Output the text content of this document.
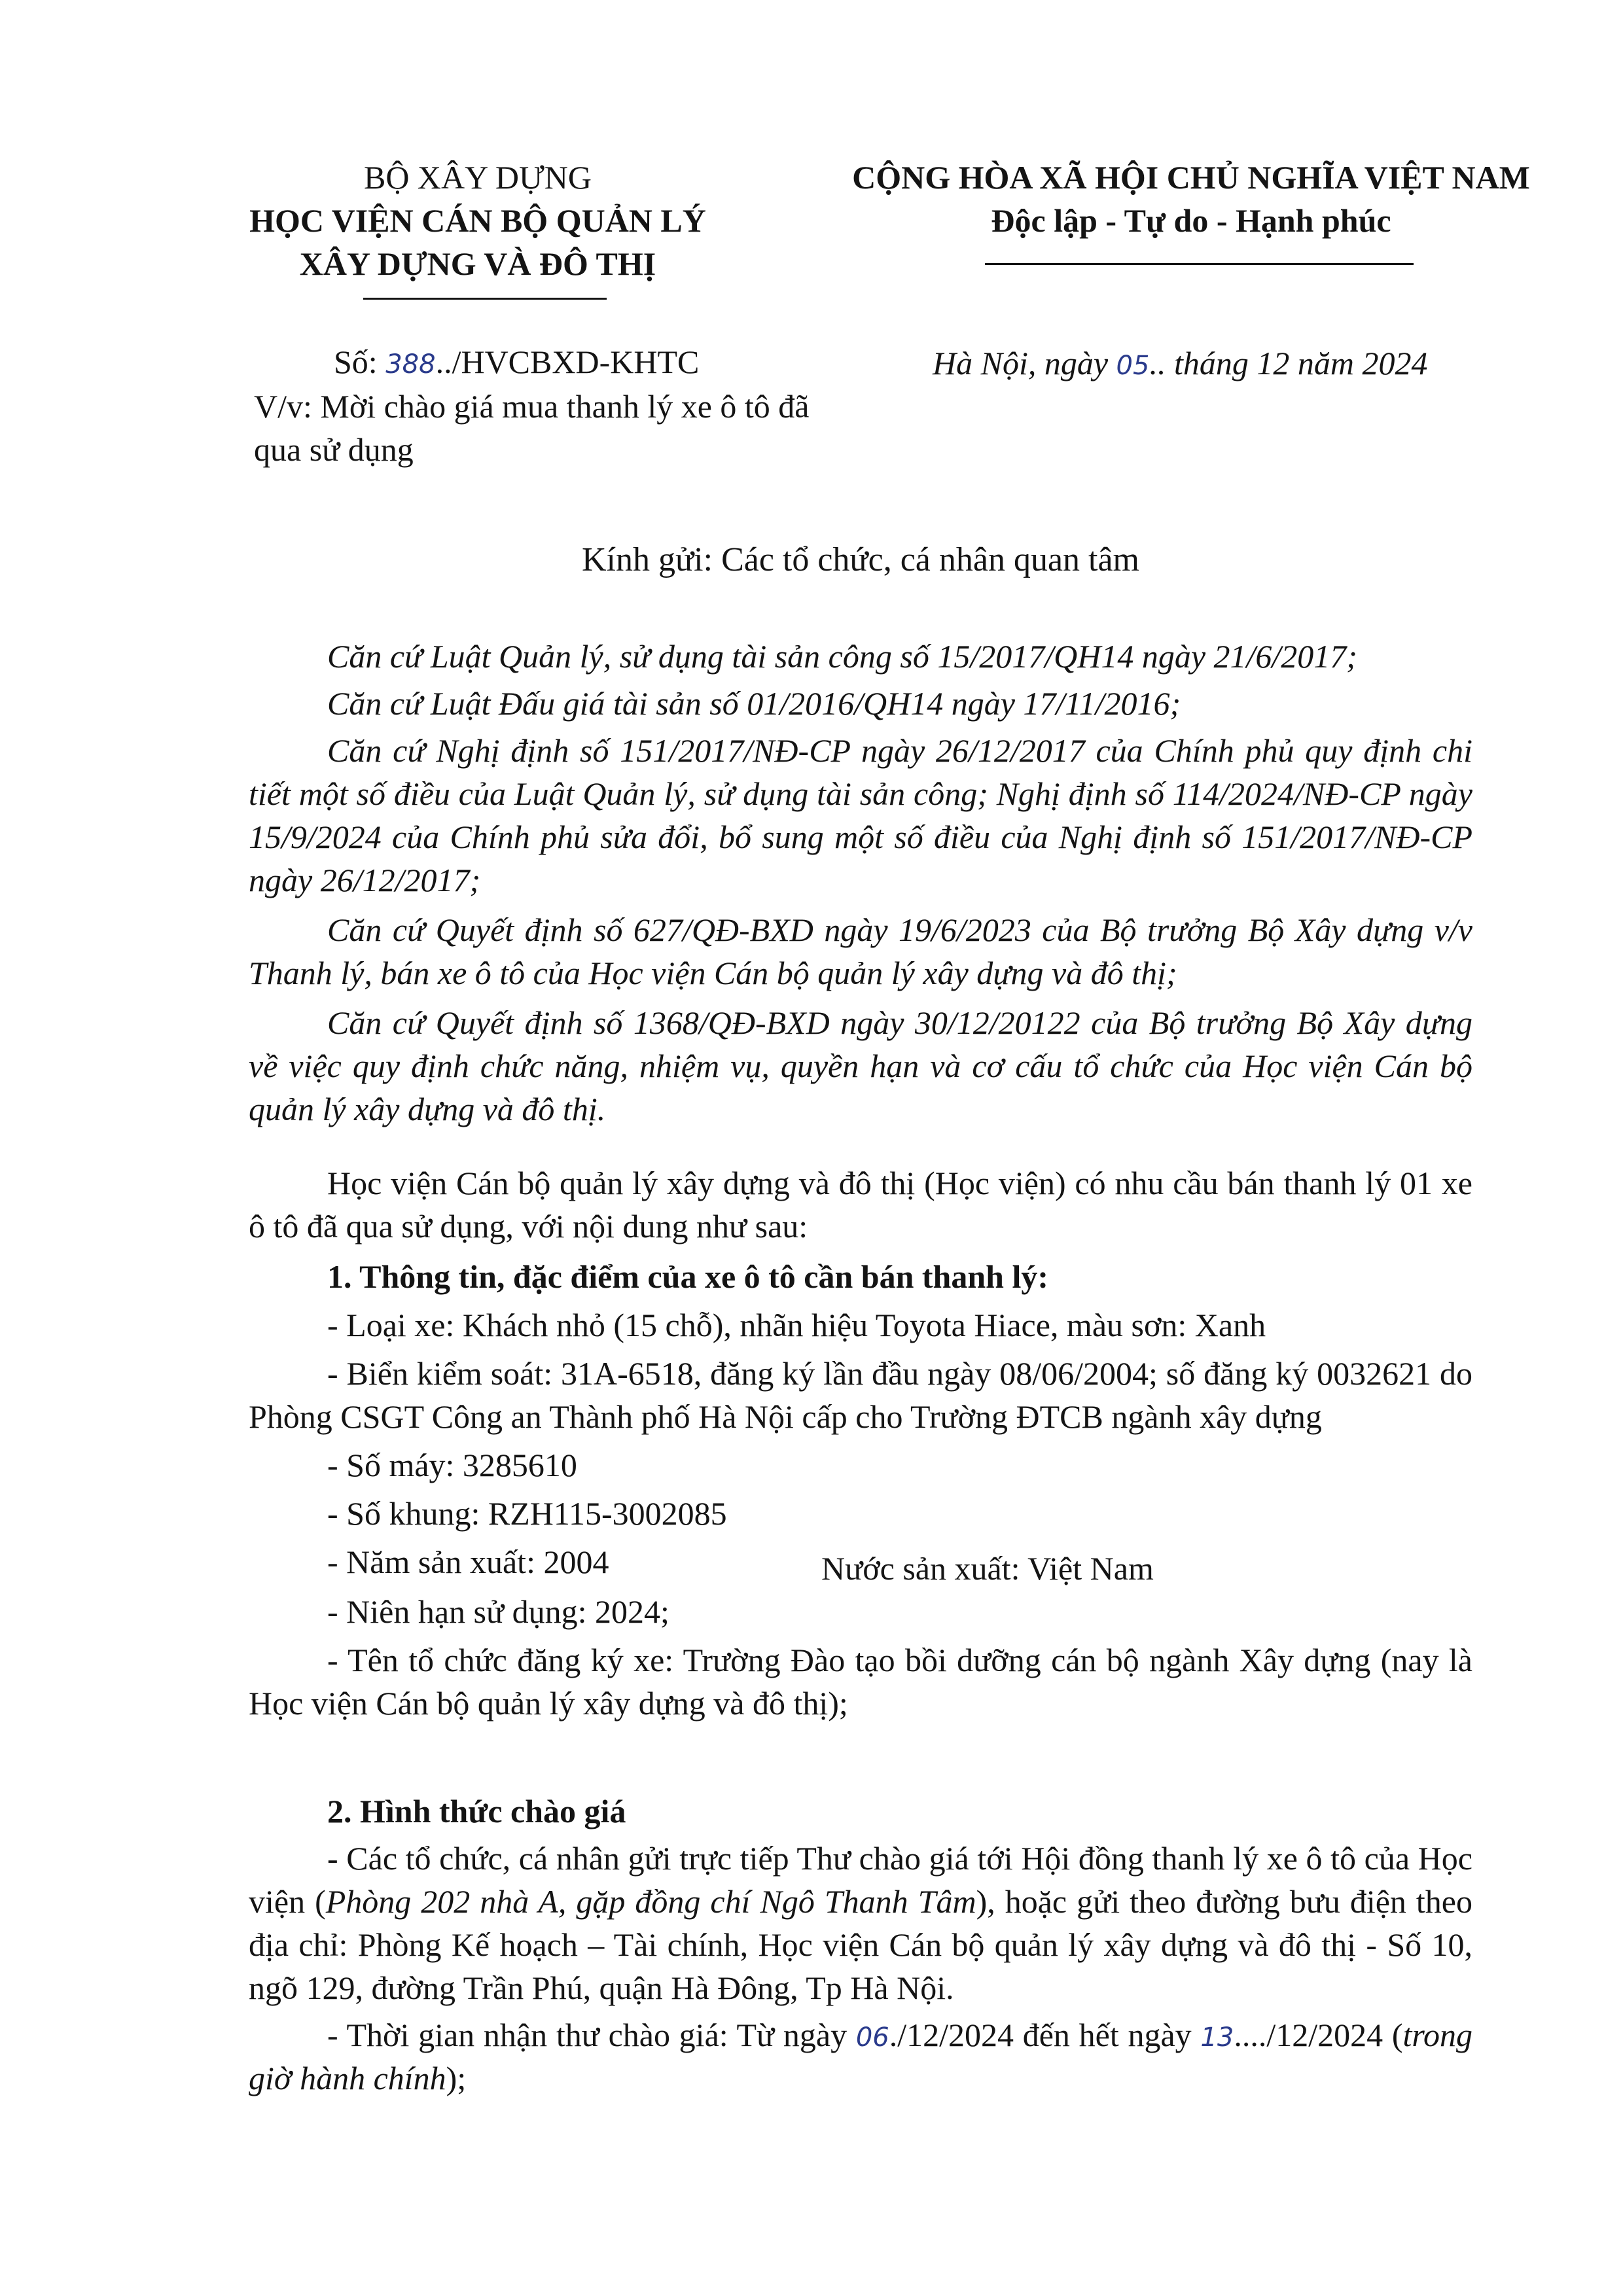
BỘ XÂY DỰNG
HỌC VIỆN CÁN BỘ QUẢN LÝ
XÂY DỰNG VÀ ĐÔ THỊ
CỘNG HÒA XÃ HỘI CHỦ NGHĨA VIỆT NAM
Độc lập - Tự do - Hạnh phúc
Số: 388../HVCBXD-KHTC
V/v: Mời chào giá mua thanh lý xe ô tô đã qua sử dụng
Hà Nội, ngày 05.. tháng 12 năm 2024
Kính gửi: Các tổ chức, cá nhân quan tâm

Căn cứ Luật Quản lý, sử dụng tài sản công số 15/2017/QH14 ngày 21/6/2017;

Căn cứ Luật Đấu giá tài sản số 01/2016/QH14 ngày 17/11/2016;

Căn cứ Nghị định số 151/2017/NĐ-CP ngày 26/12/2017 của Chính phủ quy định chi tiết một số điều của Luật Quản lý, sử dụng tài sản công; Nghị định số 114/2024/NĐ-CP ngày 15/9/2024 của Chính phủ sửa đổi, bổ sung một số điều của Nghị định số 151/2017/NĐ-CP ngày 26/12/2017;

Căn cứ Quyết định số 627/QĐ-BXD ngày 19/6/2023 của Bộ trưởng Bộ Xây dựng v/v Thanh lý, bán xe ô tô của Học viện Cán bộ quản lý xây dựng và đô thị;

Căn cứ Quyết định số 1368/QĐ-BXD ngày 30/12/20122 của Bộ trưởng Bộ Xây dựng về việc quy định chức năng, nhiệm vụ, quyền hạn và cơ cấu tổ chức của Học viện Cán bộ quản lý xây dựng và đô thị.

Học viện Cán bộ quản lý xây dựng và đô thị (Học viện) có nhu cầu bán thanh lý 01 xe ô tô đã qua sử dụng, với nội dung như sau:

1. Thông tin, đặc điểm của xe ô tô cần bán thanh lý:

- Loại xe: Khách nhỏ (15 chỗ), nhãn hiệu Toyota Hiace, màu sơn: Xanh

- Biển kiểm soát: 31A-6518, đăng ký lần đầu ngày 08/06/2004; số đăng ký 0032621 do Phòng CSGT Công an Thành phố Hà Nội cấp cho Trường ĐTCB ngành xây dựng

- Số máy: 3285610

- Số khung: RZH115-3002085

- Năm sản xuất: 2004	Nước sản xuất: Việt Nam

- Niên hạn sử dụng: 2024;

- Tên tổ chức đăng ký xe: Trường Đào tạo bồi dưỡng cán bộ ngành Xây dựng (nay là Học viện Cán bộ quản lý xây dựng và đô thị);

2. Hình thức chào giá

- Các tổ chức, cá nhân gửi trực tiếp Thư chào giá tới Hội đồng thanh lý xe ô tô của Học viện (Phòng 202 nhà A, gặp đồng chí Ngô Thanh Tâm), hoặc gửi theo đường bưu điện theo địa chỉ: Phòng Kế hoạch – Tài chính, Học viện Cán bộ quản lý xây dựng và đô thị - Số 10, ngõ 129, đường Trần Phú, quận Hà Đông, Tp Hà Nội.

- Thời gian nhận thư chào giá: Từ ngày 06./12/2024 đến hết ngày 13..../12/2024 (trong giờ hành chính);
